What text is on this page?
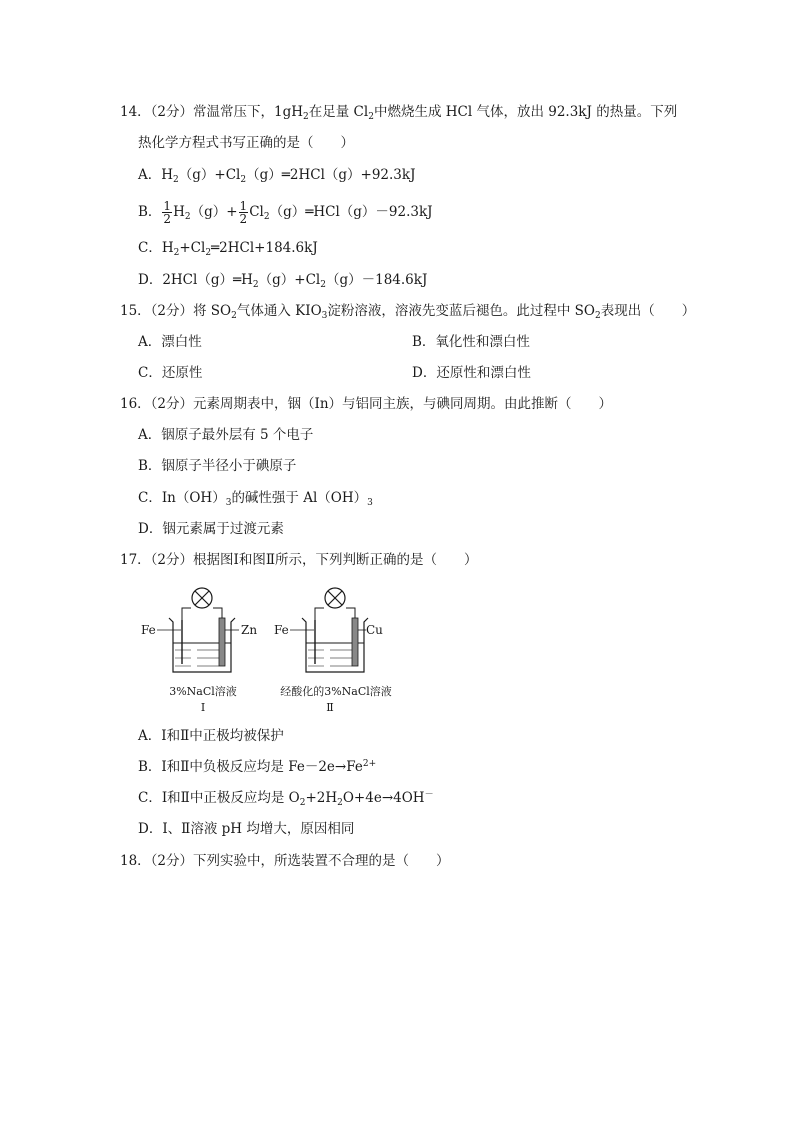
14．（2分）常温常压下，$1gH_2$在足量 $Cl_2$中燃烧生成 HCl 气体，放出 92.3kJ 的热量。下列
热化学方程式书写正确的是（　　）
A．$H_2(g)+Cl_2(g)═2HCl(g)+92.3kJ$
B． $\frac{1}{2} H_2(g)+ \frac{1}{2}$ $Cl_2(g)═HCl(g)-92.3kJ$
C．$H_2+Cl_2═2HCl+184.6kJ$
D．$2HCl(g)═H_2(g)+Cl_2(g)-184.6kJ$
15．（2分）将 $SO_2$气体通入 $KIO_3$淀粉溶液，溶液先变蓝后褪色。此过程中 $SO_2$表现出（　　）
A．漂白性	B．氧化性和漂白性
C．还原性	D．还原性和漂白性
16．（2分）元素周期表中，铟（In）与铝同主族，与碘同周期。由此推断（　　）
A．铟原子最外层有 5 个电子
B．铟原子半径小于碘原子
C．$In(OH)_3$的碱性强于 $Al(OH)_3$
D．铟元素属于过渡元素
17．（2分）根据图Ⅰ和图Ⅱ所示，下列判断正确的是（　　）
Fe	Zn
3%NaCl溶液
Ⅰ
Fe	Cu
经酸化的3%NaCl溶液
Ⅱ
A．Ⅰ和Ⅱ中正极均被保护
B．Ⅰ和Ⅱ中负极反应均是 $Fe-2e\to Fe^{2+}$
C．Ⅰ和Ⅱ中正极反应均是 $O_2+2H_2O+4e\to 4OH^-$
D．Ⅰ、Ⅱ溶液 pH 均增大，原因相同
18．（2分）下列实验中，所选装置不合理的是（　　）
